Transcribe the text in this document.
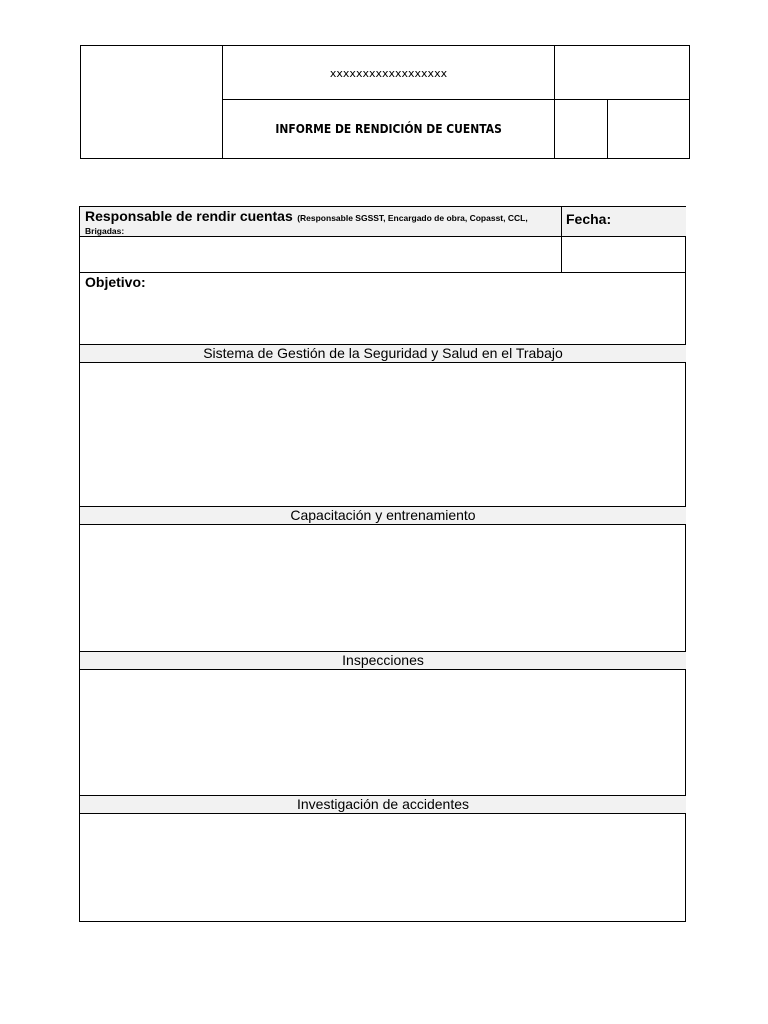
	xxxxxxxxxxxxxxxxxx		
	INFORME DE RENDICIÓN DE CUENTAS		
Responsable de rendir cuentas (Responsable SGSST, Encargado de obra, Copasst, CCL, Brigadas:
Fecha:
Objetivo:
Sistema de Gestión de la Seguridad y Salud en el Trabajo
Capacitación y entrenamiento
Inspecciones
Investigación de accidentes
